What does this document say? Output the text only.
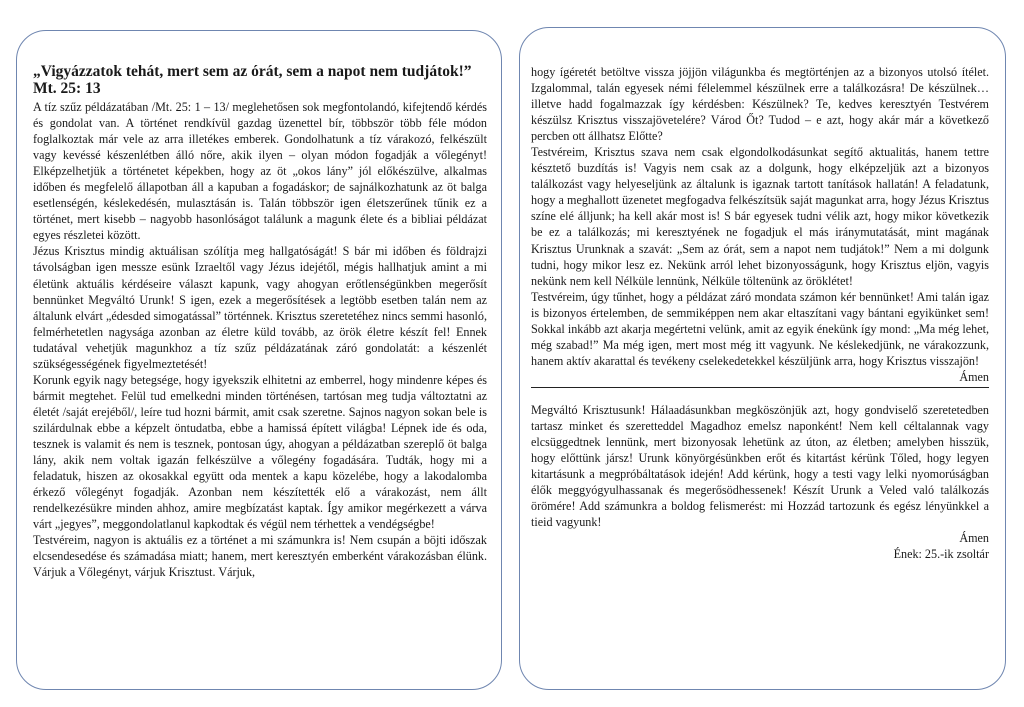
„Vigyázzatok tehát, mert sem az órát, sem a napot nem tudjátok!” Mt. 25: 13

A tíz szűz példázatában /Mt. 25: 1 – 13/ meglehetősen sok megfontolandó, kifejtendő kérdés és gondolat van. A történet rendkívül gazdag üzenettel bír, többször több féle módon foglalkoztak már vele az arra illetékes emberek. Gondolhatunk a tíz várakozó, felkészült vagy kevéssé készenlétben álló nőre, akik ilyen – olyan módon fogadják a vőlegényt! Elképzelhetjük a történetet képekben, hogy az öt „okos lány” jól előkészülve, alkalmas időben és megfelelő állapotban áll a kapuban a fogadáskor; de sajnálkozhatunk az öt balga esetlenségén, késlekedésén, mulasztásán is. Talán többször igen életszerűnek tűnik ez a történet, mert kisebb – nagyobb hasonlóságot találunk a magunk élete és a bibliai példázat egyes részletei között.

Jézus Krisztus mindig aktuálisan szólítja meg hallgatóságát! S bár mi időben és földrajzi távolságban igen messze esünk Izraeltől vagy Jézus idejétől, mégis hallhatjuk amint a mi életünk aktuális kérdéseire választ kapunk, vagy ahogyan erőtlenségünkben megerősít bennünket Megváltó Urunk! S igen, ezek a megerősítések a legtöbb esetben talán nem az általunk elvárt „édesded simogatással” történnek. Krisztus szeretetéhez nincs semmi hasonló, felmérhetetlen nagysága azonban az életre küld tovább, az örök életre készít fel! Ennek tudatával vehetjük magunkhoz a tíz szűz példázatának záró gondolatát: a készenlét szükségességének figyelmeztetését!

Korunk egyik nagy betegsége, hogy igyekszik elhitetni az emberrel, hogy mindenre képes és bármit megtehet. Felül tud emelkedni minden történésen, tartósan meg tudja változtatni az életét /saját erejéből/, leíre tud hozni bármit, amit csak szeretne. Sajnos nagyon sokan bele is szilárdulnak ebbe a képzelt öntudatba, ebbe a hamissá épített világba! Lépnek ide és oda, tesznek is valamit és nem is tesznek, pontosan úgy, ahogyan a példázatban szereplő öt balga lány, akik nem voltak igazán felkészülve a vőlegény fogadására. Tudták, hogy mi a feladatuk, hiszen az okosakkal együtt oda mentek a kapu közelébe, hogy a lakodalomba érkező vőlegényt fogadják. Azonban nem készítették elő a várakozást, nem állt rendelkezésükre minden ahhoz, amire megbízatást kaptak. Így amikor megérkezett a várva várt „jegyes”, meggondolatlanul kapkodtak és végül nem térhettek a vendégségbe!

Testvéreim, nagyon is aktuális ez a történet a mi számunkra is! Nem csupán a böjti időszak elcsendesedése és számadása miatt; hanem, mert keresztyén emberként várakozásban élünk. Várjuk a Vőlegényt, várjuk Krisztust. Várjuk,

hogy ígéretét betöltve vissza jöjjön világunkba és megtörténjen az a bizonyos utolsó ítélet. Izgalommal, talán egyesek némi félelemmel készülnek erre a találkozásra! De készülnek… illetve hadd fogalmazzak így kérdésben: Készülnek? Te, kedves keresztyén Testvérem készülsz Krisztus visszajövetelére? Várod Őt? Tudod – e azt, hogy akár már a következő percben ott állhatsz Előtte?

Testvéreim, Krisztus szava nem csak elgondolkodásunkat segítő aktualitás, hanem tettre késztető buzdítás is! Vagyis nem csak az a dolgunk, hogy elképzeljük azt a bizonyos találkozást vagy helyeseljünk az általunk is igaznak tartott tanítások hallatán! A feladatunk, hogy a meghallott üzenetet megfogadva felkészítsük saját magunkat arra, hogy Jézus Krisztus színe elé álljunk; ha kell akár most is! S bár egyesek tudni vélik azt, hogy mikor következik be ez a találkozás; mi keresztyének ne fogadjuk el más iránymutatását, mint magának Krisztus Urunknak a szavát: „Sem az órát, sem a napot nem tudjátok!” Nem a mi dolgunk tudni, hogy mikor lesz ez. Nekünk arról lehet bizonyosságunk, hogy Krisztus eljön, vagyis nekünk nem kell Nélküle lennünk, Nélküle töltenünk az öröklétet!

Testvéreim, úgy tűnhet, hogy a példázat záró mondata számon kér bennünket! Ami talán igaz is bizonyos értelemben, de semmiképpen nem akar eltaszítani vagy bántani egyikünket sem! Sokkal inkább azt akarja megértetni velünk, amit az egyik énekünk így mond: „Ma még lehet, még szabad!” Ma még igen, mert most még itt vagyunk. Ne késlekedjünk, ne várakozzunk, hanem aktív akarattal és tevékeny cselekedetekkel készüljünk arra, hogy Krisztus visszajön!

Ámen

Megváltó Krisztusunk! Hálaadásunkban megköszönjük azt, hogy gondviselő szeretetedben tartasz minket és szeretteddel Magadhoz emelsz naponként! Nem kell céltalannak vagy elcsüggedtnek lennünk, mert bizonyosak lehetünk az úton, az életben; amelyben hisszük, hogy előttünk jársz! Urunk könyörgésünkben erőt és kitartást kérünk Tőled, hogy legyen kitartásunk a megpróbáltatások idején! Add kérünk, hogy a testi vagy lelki nyomorúságban élők meggyógyulhassanak és megerősödhessenek! Készít Urunk a Veled való találkozás örömére! Add számunkra a boldog felismerést: mi Hozzád tartozunk és egész lényünkkel a tieid vagyunk!

Ámen

Ének: 25.-ik zsoltár
